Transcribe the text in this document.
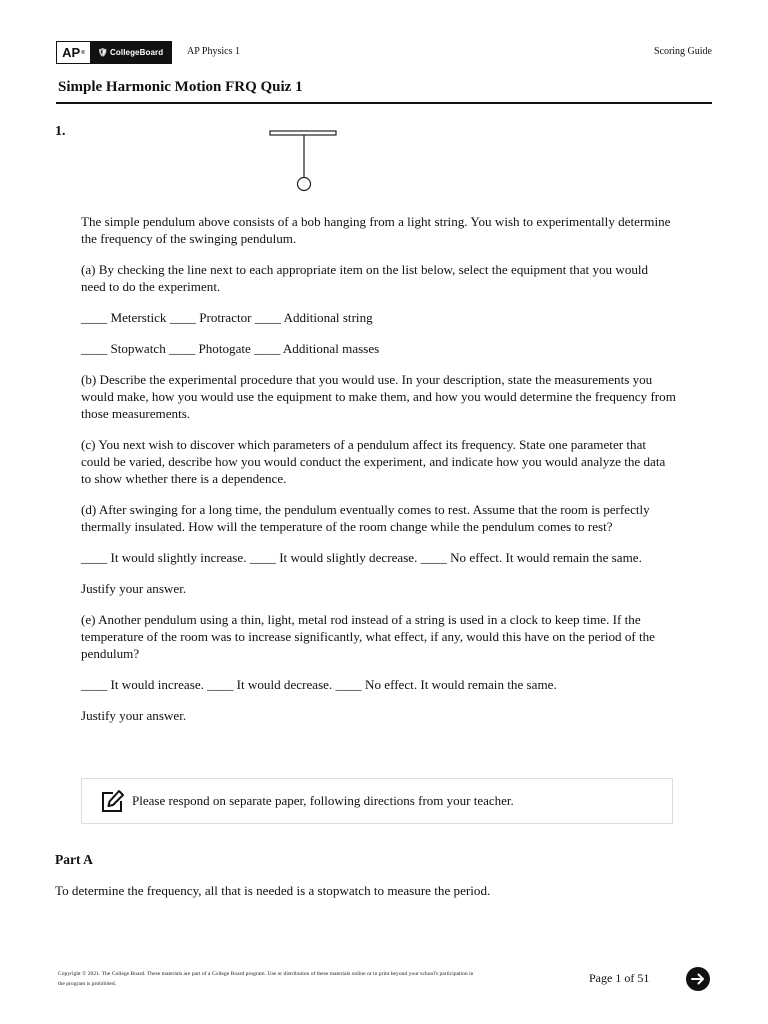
AP ® 🛡 CollegeBoard AP Physics 1	Scoring Guide
Simple Harmonic Motion FRQ Quiz 1
1.

The simple pendulum above consists of a bob hanging from a light string. You wish to experimentally determine the frequency of the swinging pendulum.

(a) By checking the line next to each appropriate item on the list below, select the equipment that you would need to do the experiment.

____ Meterstick ____ Protractor ____ Additional string

____ Stopwatch ____ Photogate ____ Additional masses

(b) Describe the experimental procedure that you would use. In your description, state the measurements you would make, how you would use the equipment to make them, and how you would determine the frequency from those measurements.

(c) You next wish to discover which parameters of a pendulum affect its frequency. State one parameter that could be varied, describe how you would conduct the experiment, and indicate how you would analyze the data to show whether there is a dependence.

(d) After swinging for a long time, the pendulum eventually comes to rest. Assume that the room is perfectly thermally insulated. How will the temperature of the room change while the pendulum comes to rest?

____ It would slightly increase. ____ It would slightly decrease. ____ No effect. It would remain the same.

Justify your answer.

(e) Another pendulum using a thin, light, metal rod instead of a string is used in a clock to keep time. If the temperature of the room was to increase significantly, what effect, if any, would this have on the period of the pendulum?

____ It would increase. ____ It would decrease. ____ No effect. It would remain the same.

Justify your answer.

Please respond on separate paper, following directions from your teacher.
Part A
To determine the frequency, all that is needed is a stopwatch to measure the period.
Copyright © 2021. The College Board. These materials are part of a College Board program. Use or distribution of these materials online or in print beyond your school's participation in the program is prohibited.	Page 1 of 51
